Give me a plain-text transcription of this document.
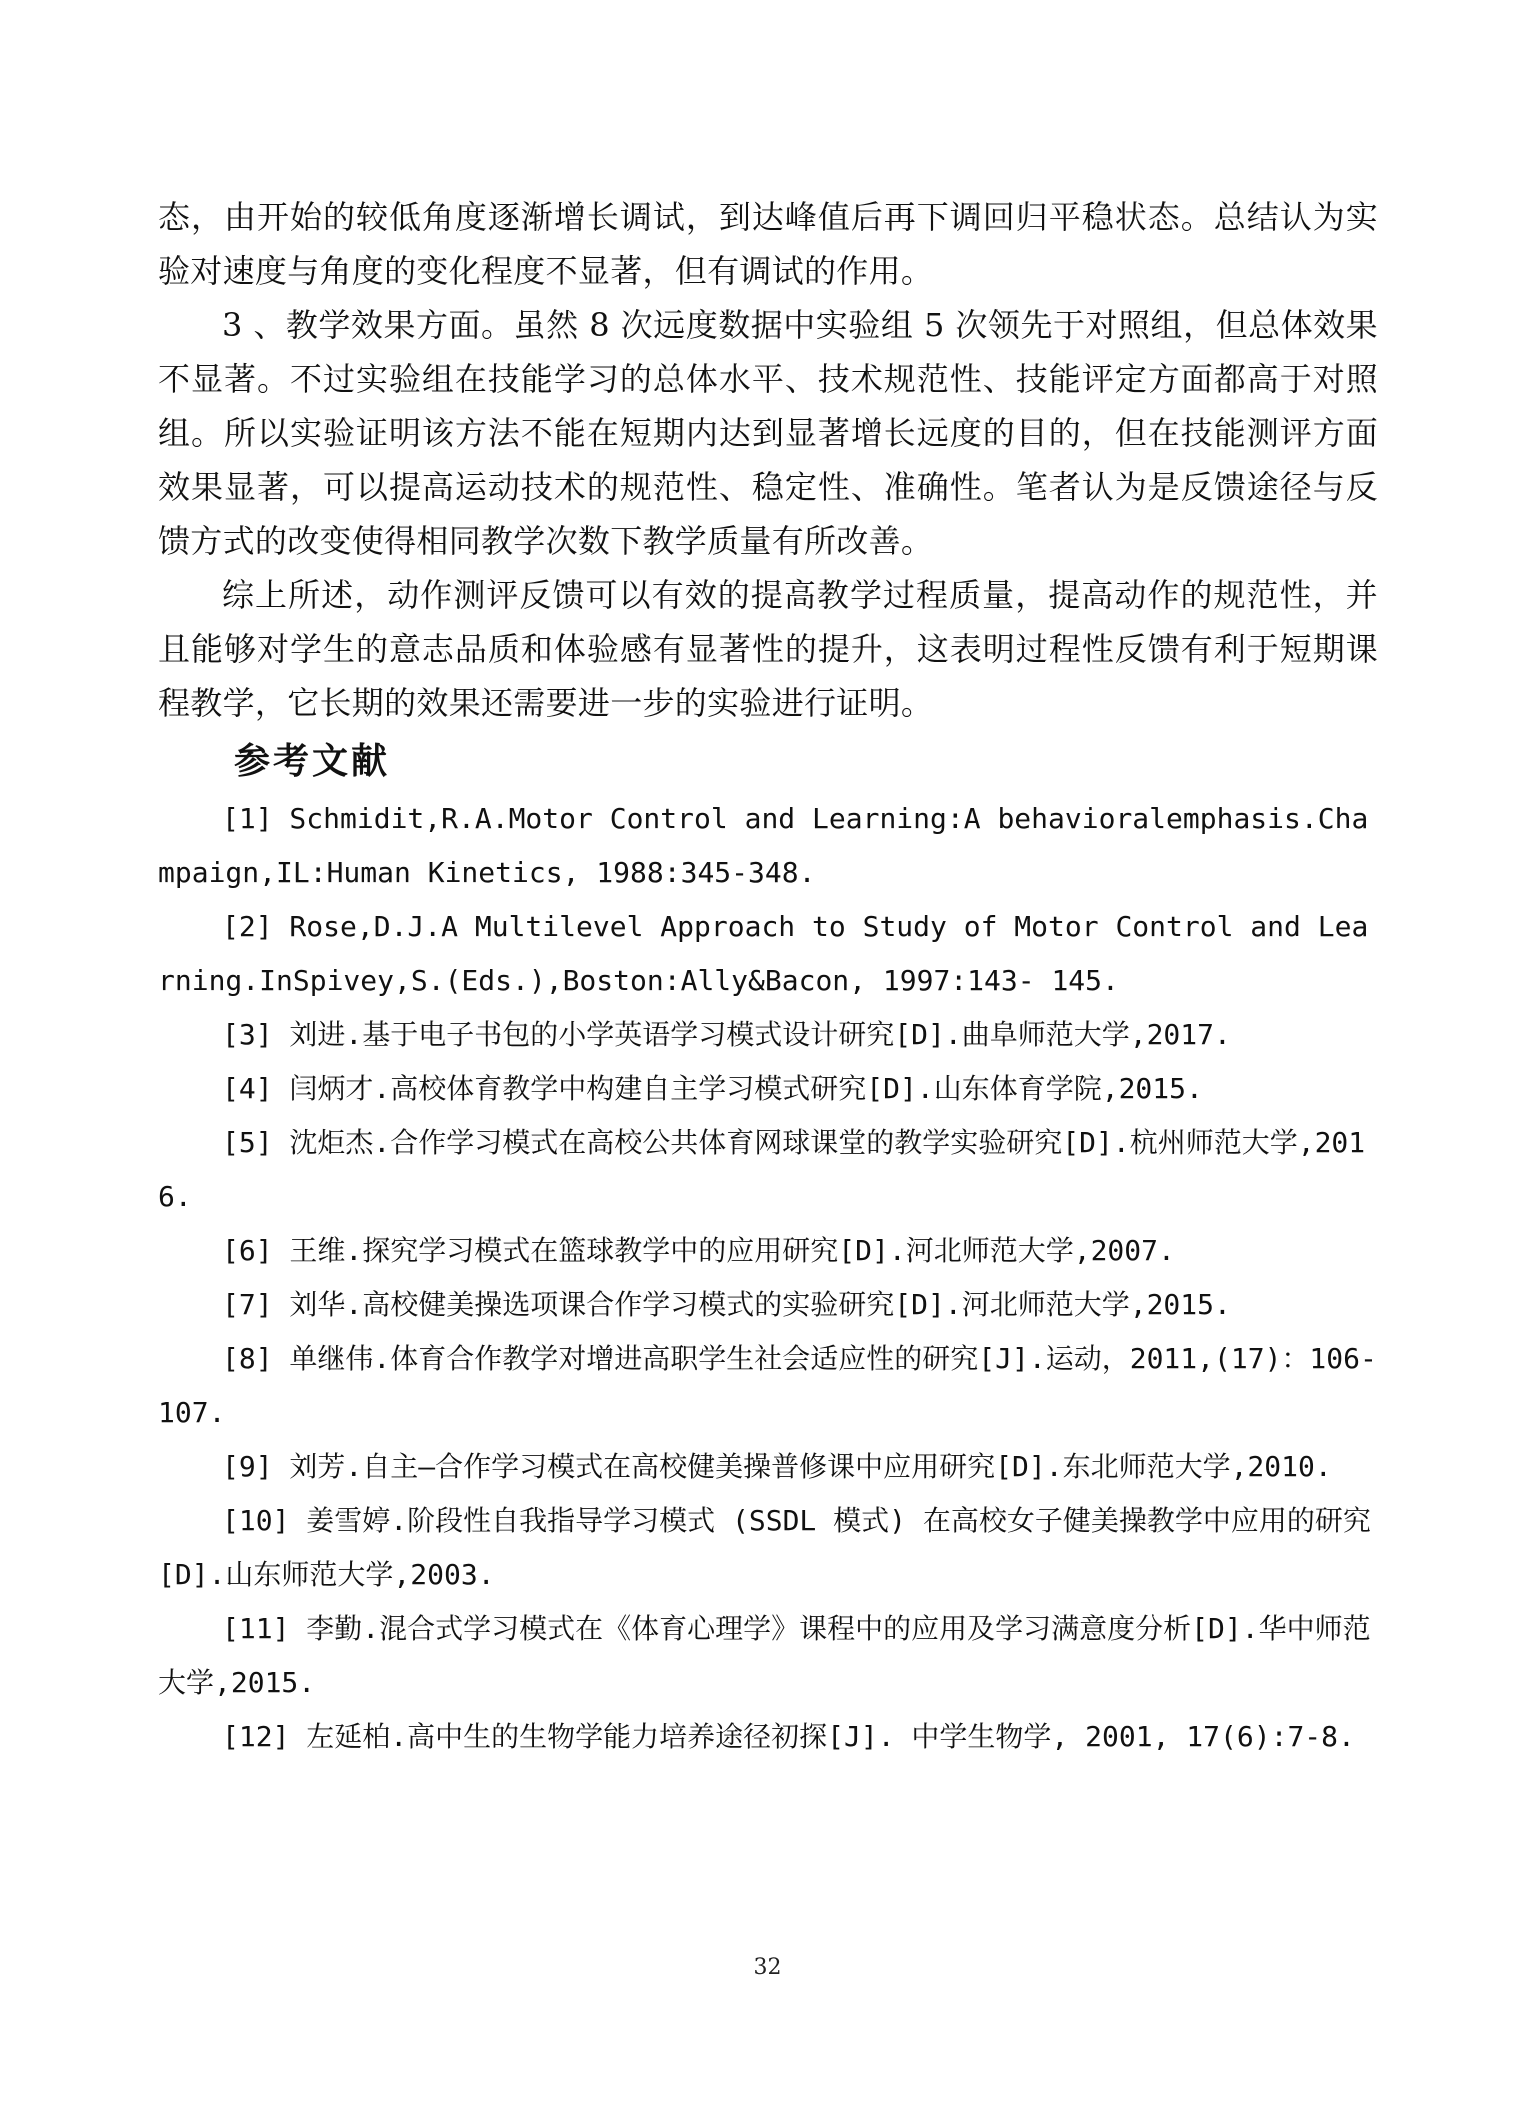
态，由开始的较低角度逐渐增长调试，到达峰值后再下调回归平稳状态。总结认为实验对速度与角度的变化程度不显著，但有调试的作用。

3 、教学效果方面。虽然 8 次远度数据中实验组 5 次领先于对照组，但总体效果不显著。不过实验组在技能学习的总体水平、技术规范性、技能评定方面都高于对照组。所以实验证明该方法不能在短期内达到显著增长远度的目的，但在技能测评方面效果显著，可以提高运动技术的规范性、稳定性、准确性。笔者认为是反馈途径与反馈方式的改变使得相同教学次数下教学质量有所改善。

综上所述，动作测评反馈可以有效的提高教学过程质量，提高动作的规范性，并且能够对学生的意志品质和体验感有显著性的提升，这表明过程性反馈有利于短期课程教学，它长期的效果还需要进一步的实验进行证明。

参考文献

[1] Schmidit,R.A.Motor Control and Learning:A behavioralemphasis.Champaign,IL:Human Kinetics, 1988:345-348.

[2] Rose,D.J.A Multilevel Approach to Study of Motor Control and Learning.InSpivey,S.(Eds.),Boston:Ally&Bacon, 1997:143- 145.

[3] 刘进.基于电子书包的小学英语学习模式设计研究[D].曲阜师范大学,2017.

[4] 闫炳才.高校体育教学中构建自主学习模式研究[D].山东体育学院,2015.

[5] 沈炬杰.合作学习模式在高校公共体育网球课堂的教学实验研究[D].杭州师范大学,2016.

[6] 王维.探究学习模式在篮球教学中的应用研究[D].河北师范大学,2007.

[7] 刘华.高校健美操选项课合作学习模式的实验研究[D].河北师范大学,2015.

[8] 单继伟.体育合作教学对增进高职学生社会适应性的研究[J].运动，2011,(17)：106-107.

[9] 刘芳.自主—合作学习模式在高校健美操普修课中应用研究[D].东北师范大学,2010.

[10] 姜雪婷.阶段性自我指导学习模式 (SSDL 模式) 在高校女子健美操教学中应用的研究[D].山东师范大学,2003.

[11] 李勤.混合式学习模式在《体育心理学》课程中的应用及学习满意度分析[D].华中师范大学,2015.

[12] 左延柏.高中生的生物学能力培养途径初探[J]. 中学生物学, 2001, 17(6):7-8.

32
